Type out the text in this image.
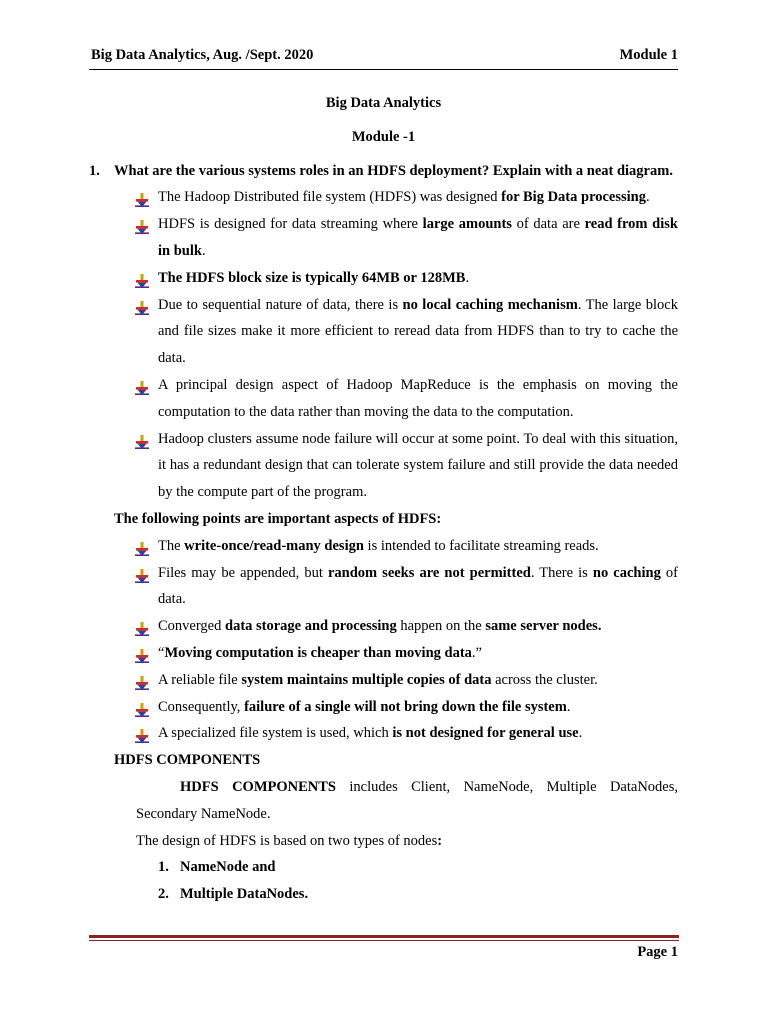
Big Data Analytics, Aug. /Sept. 2020	Module 1
Big Data Analytics
Module -1
1. What are the various systems roles in an HDFS deployment? Explain with a neat diagram.
The Hadoop Distributed file system (HDFS) was designed for Big Data processing.
HDFS is designed for data streaming where large amounts of data are read from disk in bulk.
The HDFS block size is typically 64MB or 128MB.
Due to sequential nature of data, there is no local caching mechanism. The large block and file sizes make it more efficient to reread data from HDFS than to try to cache the data.
A principal design aspect of Hadoop MapReduce is the emphasis on moving the computation to the data rather than moving the data to the computation.
Hadoop clusters assume node failure will occur at some point. To deal with this situation, it has a redundant design that can tolerate system failure and still provide the data needed by the compute part of the program.
The following points are important aspects of HDFS:
The write-once/read-many design is intended to facilitate streaming reads.
Files may be appended, but random seeks are not permitted. There is no caching of data.
Converged data storage and processing happen on the same server nodes.
“Moving computation is cheaper than moving data.”
A reliable file system maintains multiple copies of data across the cluster.
Consequently, failure of a single will not bring down the file system.
A specialized file system is used, which is not designed for general use.
HDFS COMPONENTS
HDFS COMPONENTS includes Client, NameNode, Multiple DataNodes, Secondary NameNode.
The design of HDFS is based on two types of nodes:
1. NameNode and
2. Multiple DataNodes.
Page 1
